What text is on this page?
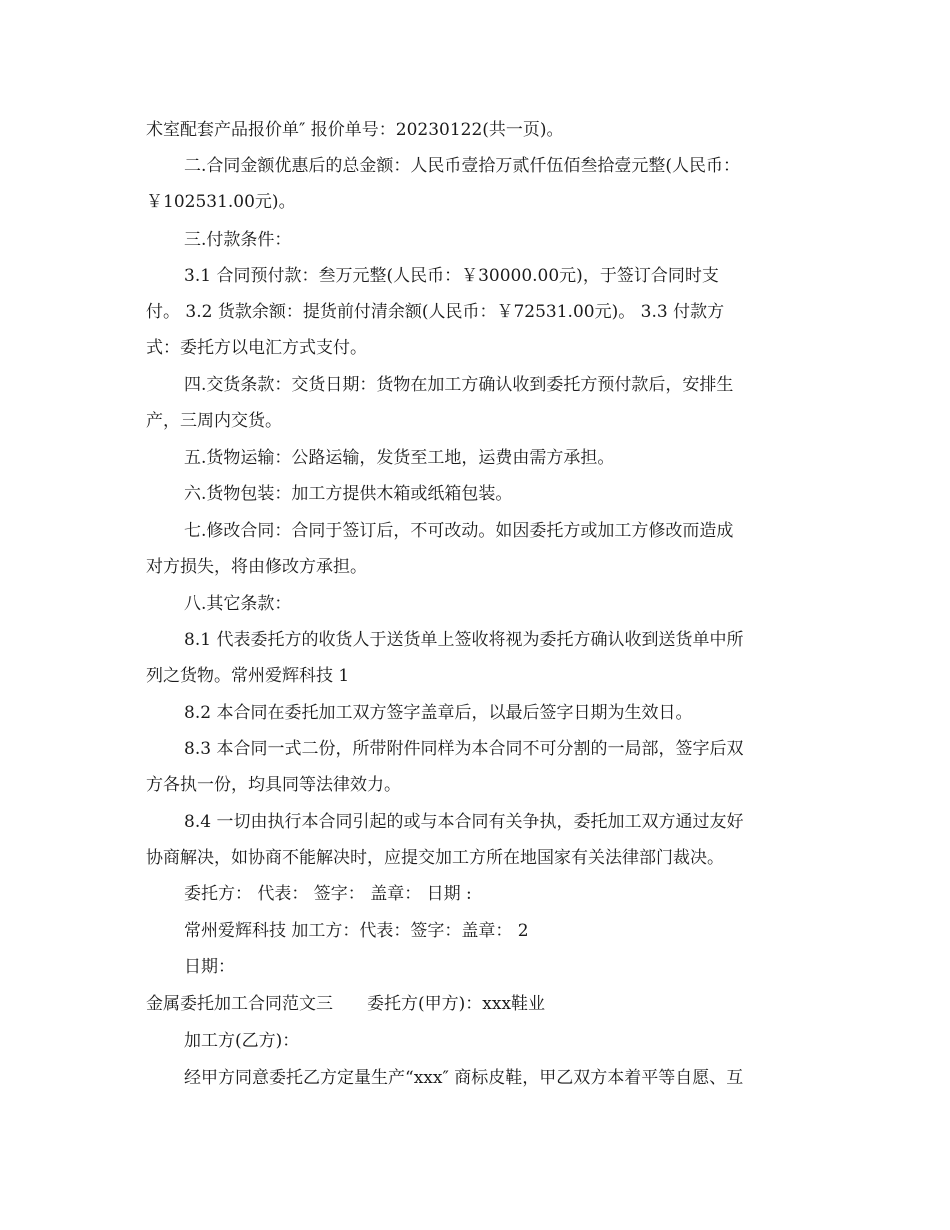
术室配套产品报价单″ 报价单号：20230122(共一页)。
二.合同金额优惠后的总金额：人民币壹拾万贰仟伍佰叁拾壹元整(人民币：
￥102531.00元)。
三.付款条件：
3.1 合同预付款：叁万元整(人民币：￥30000.00元)，于签订合同时支
付。 3.2 货款余额：提货前付清余额(人民币：￥72531.00元)。 3.3 付款方
式：委托方以电汇方式支付。
四.交货条款：交货日期：货物在加工方确认收到委托方预付款后，安排生
产，三周内交货。
五.货物运输：公路运输，发货至工地，运费由需方承担。
六.货物包装：加工方提供木箱或纸箱包装。
七.修改合同：合同于签订后，不可改动。如因委托方或加工方修改而造成
对方损失，将由修改方承担。
八.其它条款：
8.1 代表委托方的收货人于送货单上签收将视为委托方确认收到送货单中所
列之货物。常州爱辉科技 1
8.2 本合同在委托加工双方签字盖章后，以最后签字日期为生效日。
8.3 本合同一式二份，所带附件同样为本合同不可分割的一局部，签字后双
方各执一份，均具同等法律效力。
8.4 一切由执行本合同引起的或与本合同有关争执，委托加工双方通过友好
协商解决，如协商不能解决时，应提交加工方所在地国家有关法律部门裁决。
委托方： 代表： 签字： 盖章： 日期 :
常州爱辉科技 加工方：代表：签字：盖章： 2
日期：
金属委托加工合同范文三　　委托方(甲方)：xxx鞋业
加工方(乙方)：
经甲方同意委托乙方定量生产“xxx″ 商标皮鞋，甲乙双方本着平等自愿、互
